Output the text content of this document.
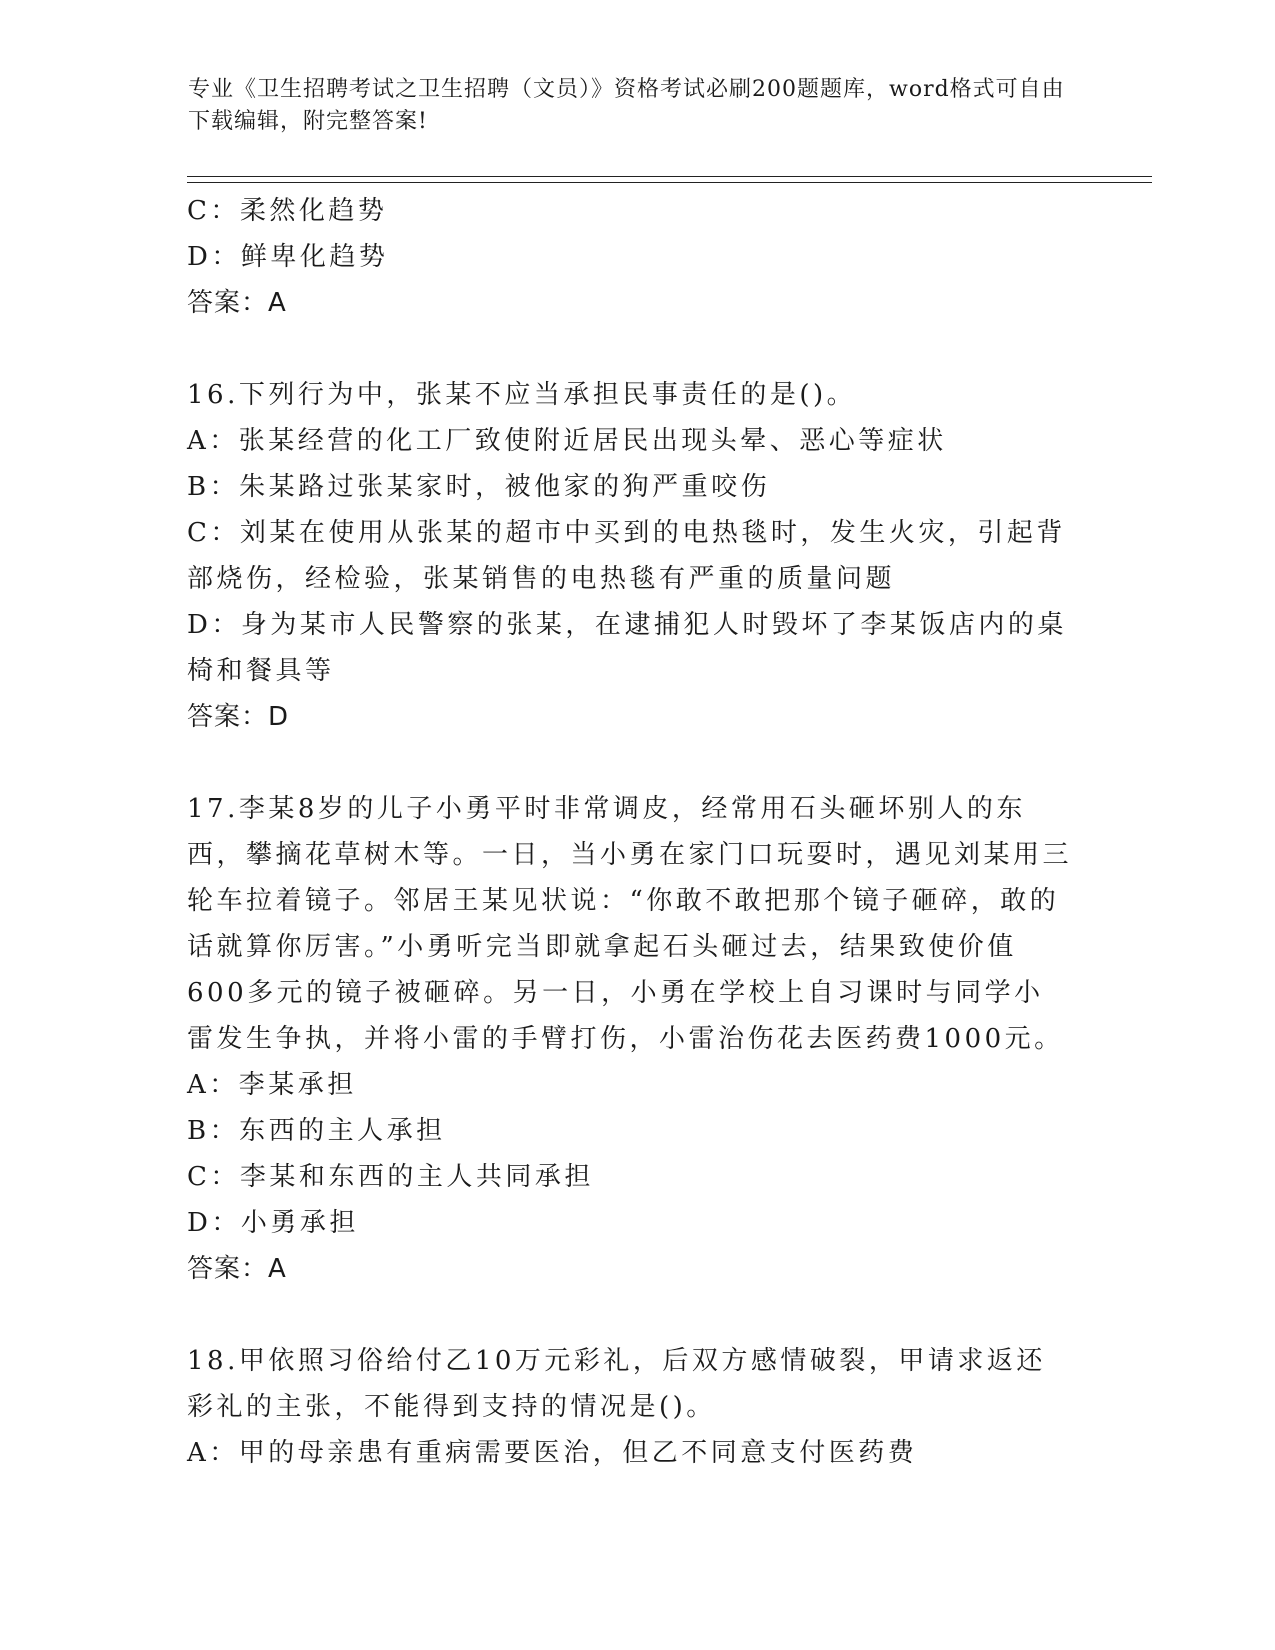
专业《卫生招聘考试之卫生招聘（文员）》资格考试必刷200题题库，word格式可自由下载编辑，附完整答案!
C：柔然化趋势
D：鲜卑化趋势
答案：A
16.下列行为中，张某不应当承担民事责任的是()。
A：张某经营的化工厂致使附近居民出现头晕、恶心等症状
B：朱某路过张某家时，被他家的狗严重咬伤
C：刘某在使用从张某的超市中买到的电热毯时，发生火灾，引起背部烧伤，经检验，张某销售的电热毯有严重的质量问题
D：身为某市人民警察的张某，在逮捕犯人时毁坏了李某饭店内的桌椅和餐具等
答案：D
17.李某8岁的儿子小勇平时非常调皮，经常用石头砸坏别人的东西，攀摘花草树木等。一日，当小勇在家门口玩耍时，遇见刘某用三轮车拉着镜子。邻居王某见状说：“你敢不敢把那个镜子砸碎，敢的话就算你厉害。”小勇听完当即就拿起石头砸过去，结果致使价值600多元的镜子被砸碎。另一日，小勇在学校上自习课时与同学小雷发生争执，并将小雷的手臂打伤，小雷治伤花去医药费1000元。
A：李某承担
B：东西的主人承担
C：李某和东西的主人共同承担
D：小勇承担
答案：A
18.甲依照习俗给付乙10万元彩礼，后双方感情破裂，甲请求返还彩礼的主张，不能得到支持的情况是()。
A：甲的母亲患有重病需要医治，但乙不同意支付医药费
